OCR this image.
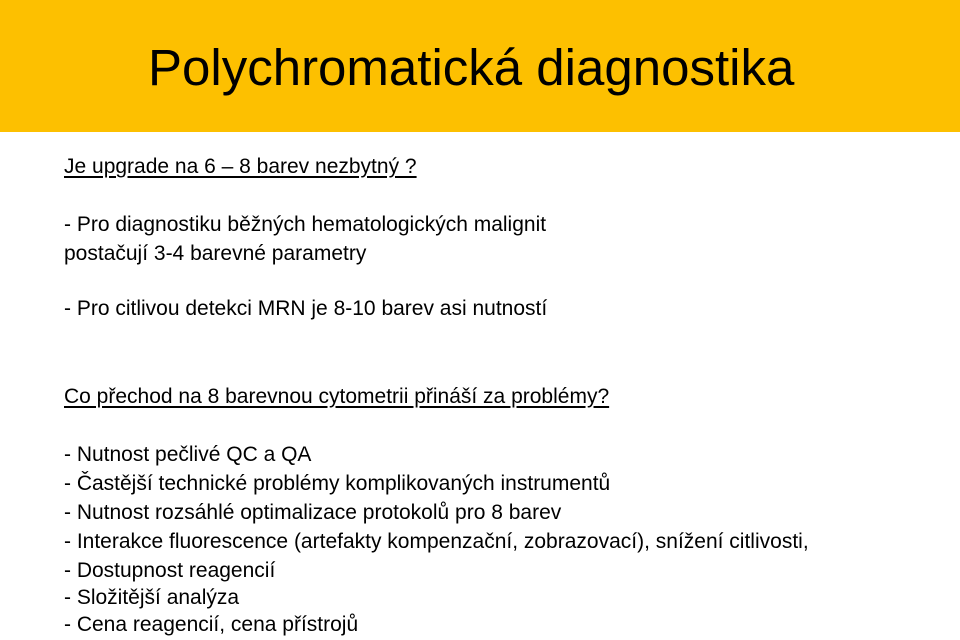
Polychromatická diagnostika
Je upgrade na 6 – 8 barev nezbytný ?
- Pro diagnostiku běžných hematologických malignit
postačují 3-4 barevné parametry
- Pro citlivou detekci MRN je 8-10 barev asi nutností
Co přechod na 8 barevnou cytometrii přináší za problémy?
- Nutnost pečlivé QC a QA
- Častější technické problémy komplikovaných instrumentů
- Nutnost rozsáhlé optimalizace protokolů pro 8 barev
- Interakce fluorescence (artefakty kompenzační, zobrazovací), snížení citlivosti,
- Dostupnost reagencií
- Složitější analýza
- Cena reagencií, cena přístrojů
